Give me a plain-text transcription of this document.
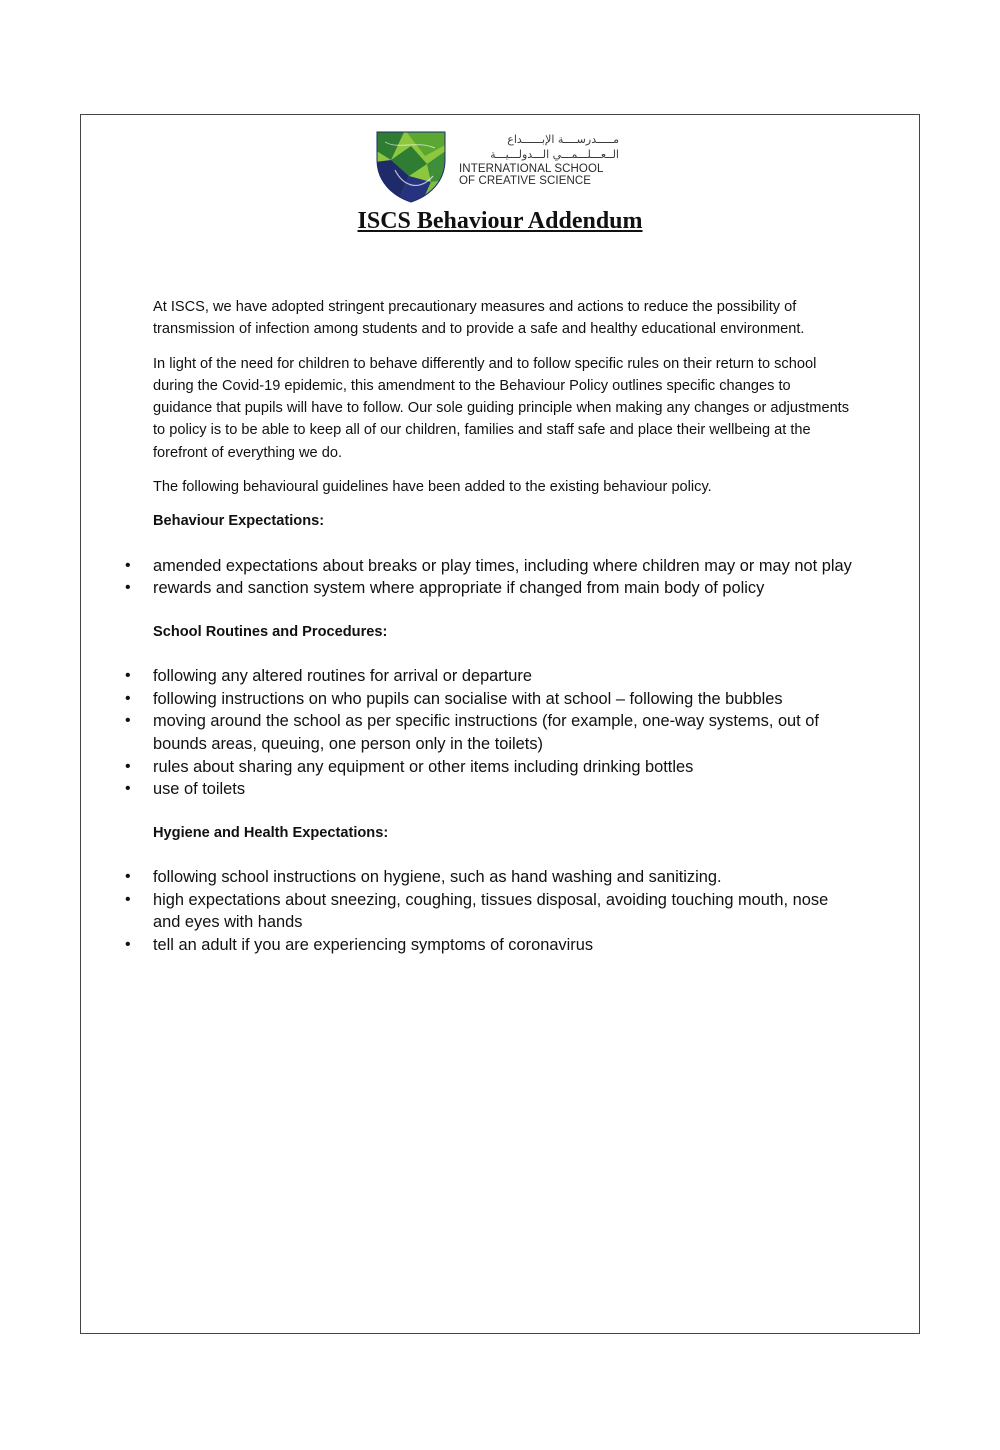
مـــــدرســــة الإبــــــداع
الــعـــلـــمـــي الـــدولـــيـــة
INTERNATIONAL SCHOOL
OF CREATIVE SCIENCE
ISCS Behaviour Addendum

At ISCS, we have adopted stringent precautionary measures and actions to reduce the possibility of transmission of infection among students and to provide a safe and healthy educational environment.

In light of the need for children to behave differently and to follow specific rules on their return to school during the Covid-19 epidemic, this amendment to the Behaviour Policy outlines specific changes to guidance that pupils will have to follow. Our sole guiding principle when making any changes or adjustments to policy is to be able to keep all of our children, families and staff safe and place their wellbeing at the forefront of everything we do.

The following behavioural guidelines have been added to the existing behaviour policy.

Behaviour Expectations:

amended expectations about breaks or play times, including where children may or may not play
rewards and sanction system where appropriate if changed from main body of policy

School Routines and Procedures:

following any altered routines for arrival or departure
following instructions on who pupils can socialise with at school – following the bubbles
moving around the school as per specific instructions (for example, one-way systems, out of bounds areas, queuing, one person only in the toilets)
rules about sharing any equipment or other items including drinking bottles
use of toilets

Hygiene and Health Expectations:

following school instructions on hygiene, such as hand washing and sanitizing.
high expectations about sneezing, coughing, tissues disposal, avoiding touching mouth, nose and eyes with hands
tell an adult if you are experiencing symptoms of coronavirus
